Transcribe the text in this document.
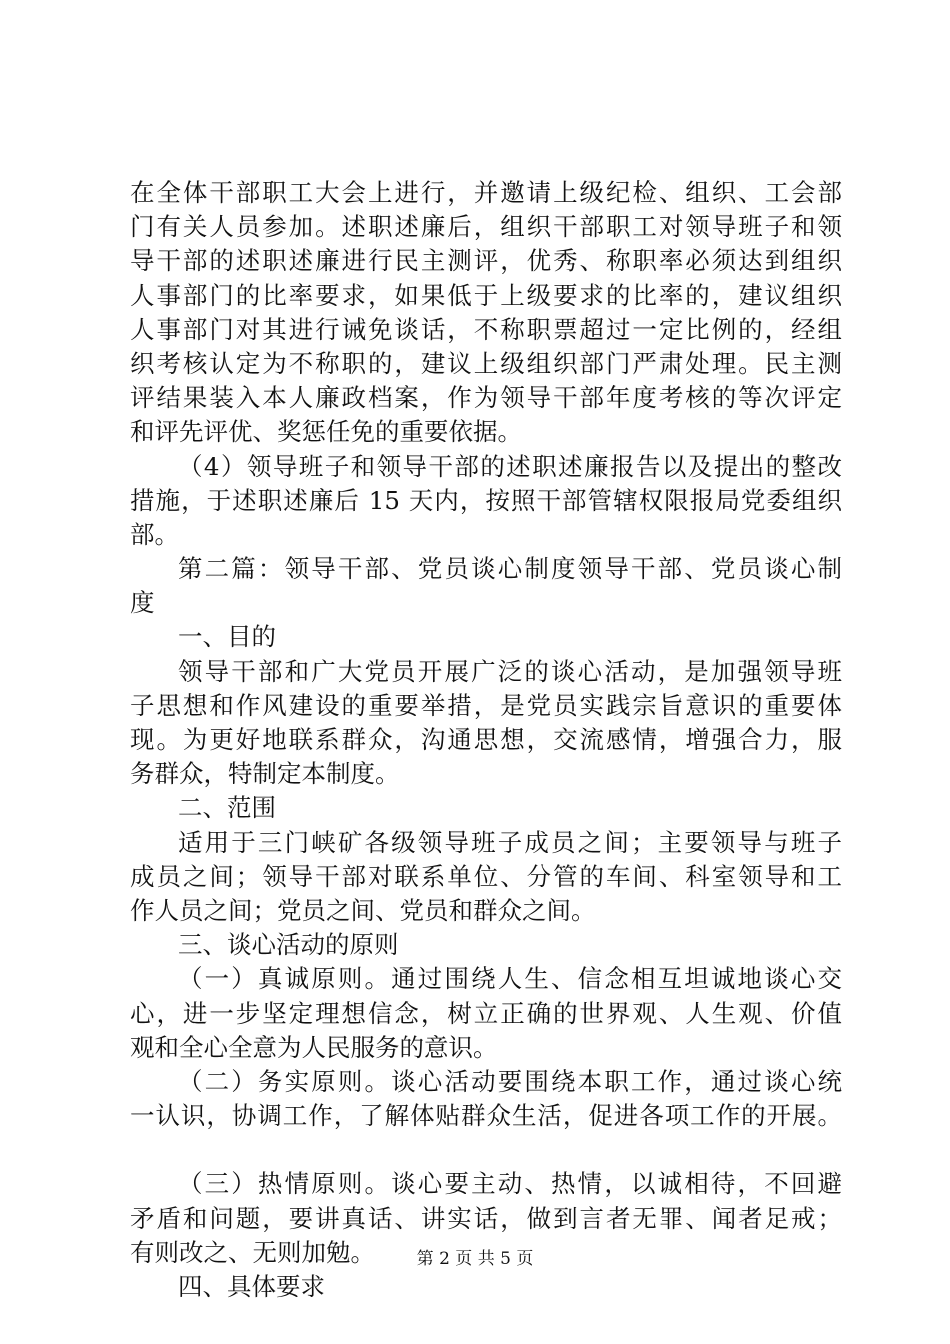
在全体干部职工大会上进行，并邀请上级纪检、组织、工会部
门有关人员参加。述职述廉后，组织干部职工对领导班子和领
导干部的述职述廉进行民主测评，优秀、称职率必须达到组织
人事部门的比率要求，如果低于上级要求的比率的，建议组织
人事部门对其进行诫免谈话，不称职票超过一定比例的，经组
织考核认定为不称职的，建议上级组织部门严肃处理。民主测
评结果装入本人廉政档案，作为领导干部年度考核的等次评定
和评先评优、奖惩任免的重要依据。
（4）领导班子和领导干部的述职述廉报告以及提出的整改
措施，于述职述廉后 15 天内，按照干部管辖权限报局党委组织
部。
第二篇：领导干部、党员谈心制度领导干部、党员谈心制
度
一、目的
领导干部和广大党员开展广泛的谈心活动，是加强领导班
子思想和作风建设的重要举措，是党员实践宗旨意识的重要体
现。为更好地联系群众，沟通思想，交流感情，增强合力，服
务群众，特制定本制度。
二、范围
适用于三门峡矿各级领导班子成员之间；主要领导与班子
成员之间；领导干部对联系单位、分管的车间、科室领导和工
作人员之间；党员之间、党员和群众之间。
三、谈心活动的原则
（一）真诚原则。通过围绕人生、信念相互坦诚地谈心交
心，进一步坚定理想信念，树立正确的世界观、人生观、价值
观和全心全意为人民服务的意识。
（二）务实原则。谈心活动要围绕本职工作，通过谈心统
一认识，协调工作，了解体贴群众生活，促进各项工作的开展。
（三）热情原则。谈心要主动、热情，以诚相待，不回避
矛盾和问题，要讲真话、讲实话，做到言者无罪、闻者足戒；
有则改之、无则加勉。
四、具体要求
第 2 页 共 5 页
